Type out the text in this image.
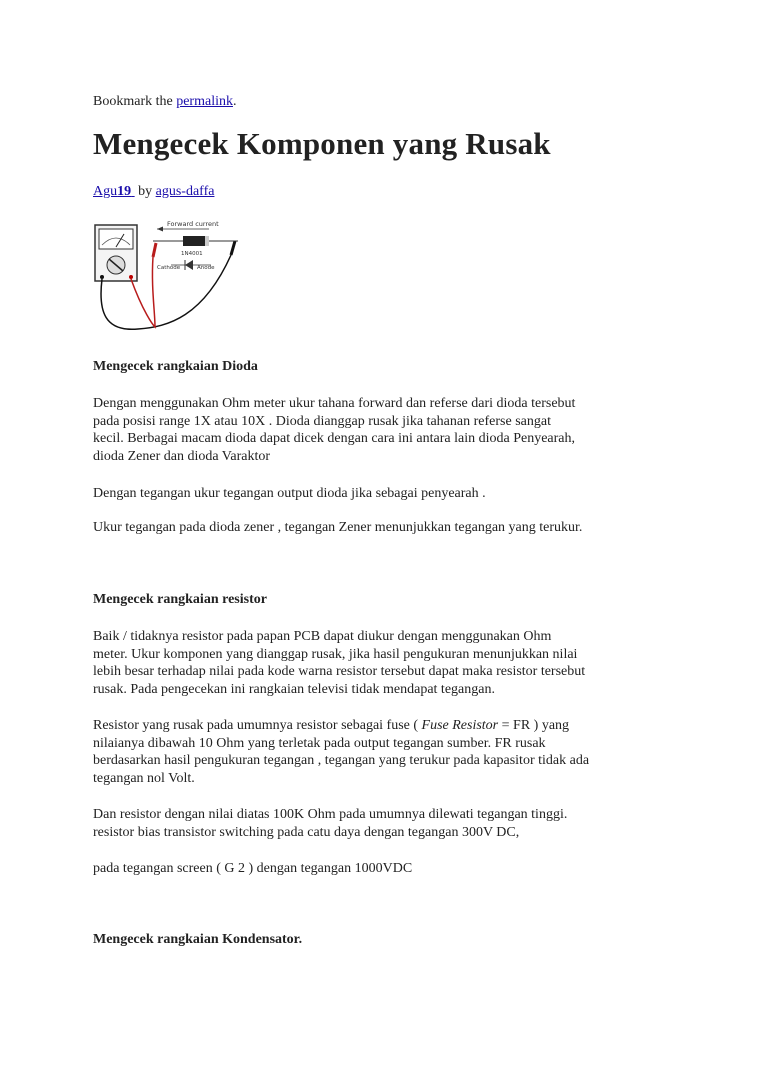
Bookmark the permalink.
Mengecek Komponen yang Rusak
Agu19 by agus-daffa
Forward current
1N4001
Cathode	Anode
Mengecek rangkaian Dioda

Dengan menggunakan Ohm meter ukur tahana forward dan referse dari dioda tersebut
pada posisi range 1X atau 10X . Dioda dianggap rusak jika tahanan referse sangat
kecil. Berbagai macam dioda dapat dicek dengan cara ini antara lain dioda Penyearah,
dioda Zener dan dioda Varaktor

Dengan tegangan ukur tegangan output dioda jika sebagai penyearah .

Ukur tegangan pada dioda zener , tegangan Zener menunjukkan tegangan yang terukur.

Mengecek rangkaian resistor

Baik / tidaknya resistor pada papan PCB dapat diukur dengan menggunakan Ohm
meter. Ukur komponen yang dianggap rusak, jika hasil pengukuran menunjukkan nilai
lebih besar terhadap nilai pada kode warna resistor tersebut dapat maka resistor tersebut
rusak. Pada pengecekan ini rangkaian televisi tidak mendapat tegangan.

Resistor yang rusak pada umumnya resistor sebagai fuse ( Fuse Resistor = FR ) yang
nilaianya dibawah 10 Ohm yang terletak pada output tegangan sumber. FR rusak
berdasarkan hasil pengukuran tegangan , tegangan yang terukur pada kapasitor tidak ada
tegangan nol Volt.

Dan resistor dengan nilai diatas 100K Ohm pada umumnya dilewati tegangan tinggi.
resistor bias transistor switching pada catu daya dengan tegangan 300V DC,

pada tegangan screen ( G 2 ) dengan tegangan 1000VDC

Mengecek rangkaian Kondensator.
